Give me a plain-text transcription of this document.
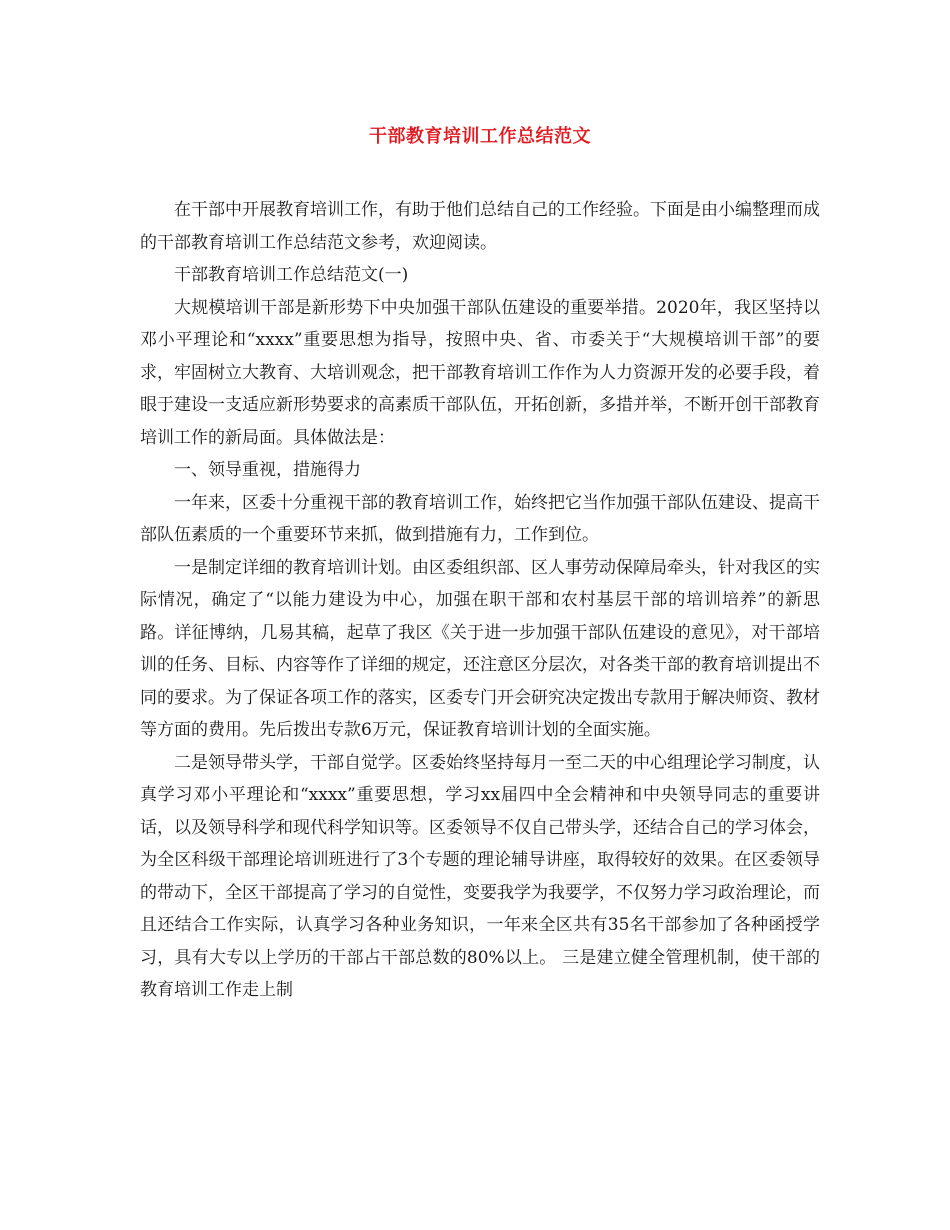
干部教育培训工作总结范文

在干部中开展教育培训工作，有助于他们总结自己的工作经验。下面是由小编整理而成的干部教育培训工作总结范文参考，欢迎阅读。

干部教育培训工作总结范文(一)

大规模培训干部是新形势下中央加强干部队伍建设的重要举措。2020年，我区坚持以邓小平理论和“xxxx”重要思想为指导，按照中央、省、市委关于“大规模培训干部”的要求，牢固树立大教育、大培训观念，把干部教育培训工作作为人力资源开发的必要手段，着眼于建设一支适应新形势要求的高素质干部队伍，开拓创新，多措并举，不断开创干部教育培训工作的新局面。具体做法是：

一、领导重视，措施得力

一年来，区委十分重视干部的教育培训工作，始终把它当作加强干部队伍建设、提高干部队伍素质的一个重要环节来抓，做到措施有力，工作到位。

一是制定详细的教育培训计划。由区委组织部、区人事劳动保障局牵头，针对我区的实际情况，确定了“以能力建设为中心，加强在职干部和农村基层干部的培训培养”的新思路。详征博纳，几易其稿，起草了我区《关于进一步加强干部队伍建设的意见》，对干部培训的任务、目标、内容等作了详细的规定，还注意区分层次，对各类干部的教育培训提出不同的要求。为了保证各项工作的落实，区委专门开会研究决定拨出专款用于解决师资、教材等方面的费用。先后拨出专款6万元，保证教育培训计划的全面实施。

二是领导带头学，干部自觉学。区委始终坚持每月一至二天的中心组理论学习制度，认真学习邓小平理论和“xxxx”重要思想，学习xx届四中全会精神和中央领导同志的重要讲话，以及领导科学和现代科学知识等。区委领导不仅自己带头学，还结合自己的学习体会，为全区科级干部理论培训班进行了3个专题的理论辅导讲座，取得较好的效果。在区委领导的带动下，全区干部提高了学习的自觉性，变要我学为我要学，不仅努力学习政治理论，而且还结合工作实际，认真学习各种业务知识，一年来全区共有35名干部参加了各种函授学习，具有大专以上学历的干部占干部总数的80%以上。 三是建立健全管理机制，使干部的教育培训工作走上制
